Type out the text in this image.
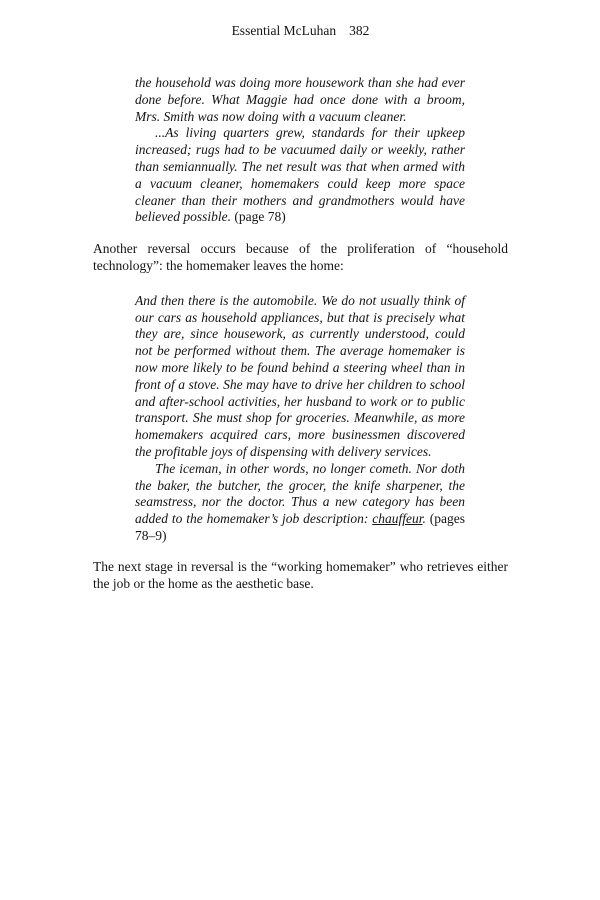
Essential McLuhan 382

the household was doing more housework than she had ever done before. What Maggie had once done with a broom, Mrs. Smith was now doing with a vacuum cleaner.

...As living quarters grew, standards for their upkeep increased; rugs had to be vacuumed daily or weekly, rather than semiannually. The net result was that when armed with a vacuum cleaner, homemakers could keep more space cleaner than their mothers and grandmothers would have believed possible. (page 78)

Another reversal occurs because of the proliferation of “household technology”: the homemaker leaves the home:

And then there is the automobile. We do not usually think of our cars as household appliances, but that is precisely what they are, since housework, as currently understood, could not be performed without them. The average homemaker is now more likely to be found behind a steering wheel than in front of a stove. She may have to drive her children to school and after-school activities, her husband to work or to public transport. She must shop for groceries. Meanwhile, as more homemakers acquired cars, more businessmen discovered the profitable joys of dispensing with delivery services.

The iceman, in other words, no longer cometh. Nor doth the baker, the butcher, the grocer, the knife sharpener, the seamstress, nor the doctor. Thus a new category has been added to the homemaker’s job description: chauffeur. (pages 78–9)

The next stage in reversal is the “working homemaker” who retrieves either the job or the home as the aesthetic base.
